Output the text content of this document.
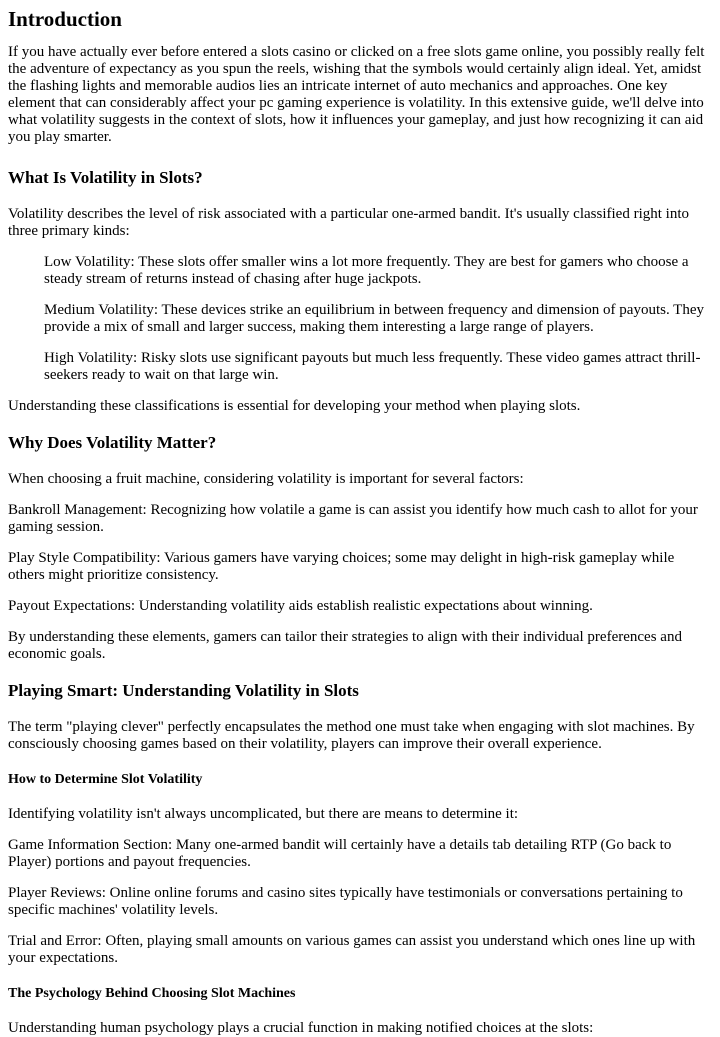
Introduction

If you have actually ever before entered a slots casino or clicked on a free slots game online, you possibly really felt the adventure of expectancy as you spun the reels, wishing that the symbols would certainly align ideal. Yet, amidst the flashing lights and memorable audios lies an intricate internet of auto mechanics and approaches. One key element that can considerably affect your pc gaming experience is volatility. In this extensive guide, we'll delve into what volatility suggests in the context of slots, how it influences your gameplay, and just how recognizing it can aid you play smarter.

What Is Volatility in Slots?

Volatility describes the level of risk associated with a particular one-armed bandit. It's usually classified right into three primary kinds:

Low Volatility: These slots offer smaller wins a lot more frequently. They are best for gamers who choose a steady stream of returns instead of chasing after huge jackpots.

Medium Volatility: These devices strike an equilibrium in between frequency and dimension of payouts. They provide a mix of small and larger success, making them interesting a large range of players.

High Volatility: Risky slots use significant payouts but much less frequently. These video games attract thrill-seekers ready to wait on that large win.

Understanding these classifications is essential for developing your method when playing slots.

Why Does Volatility Matter?

When choosing a fruit machine, considering volatility is important for several factors:

Bankroll Management: Recognizing how volatile a game is can assist you identify how much cash to allot for your gaming session.

Play Style Compatibility: Various gamers have varying choices; some may delight in high-risk gameplay while others might prioritize consistency.

Payout Expectations: Understanding volatility aids establish realistic expectations about winning.

By understanding these elements, gamers can tailor their strategies to align with their individual preferences and economic goals.

Playing Smart: Understanding Volatility in Slots

The term "playing clever" perfectly encapsulates the method one must take when engaging with slot machines. By consciously choosing games based on their volatility, players can improve their overall experience.

How to Determine Slot Volatility

Identifying volatility isn't always uncomplicated, but there are means to determine it:

Game Information Section: Many one-armed bandit will certainly have a details tab detailing RTP (Go back to Player) portions and payout frequencies.

Player Reviews: Online online forums and casino sites typically have testimonials or conversations pertaining to specific machines' volatility levels.

Trial and Error: Often, playing small amounts on various games can assist you understand which ones line up with your expectations.

The Psychology Behind Choosing Slot Machines

Understanding human psychology plays a crucial function in making notified choices at the slots:
